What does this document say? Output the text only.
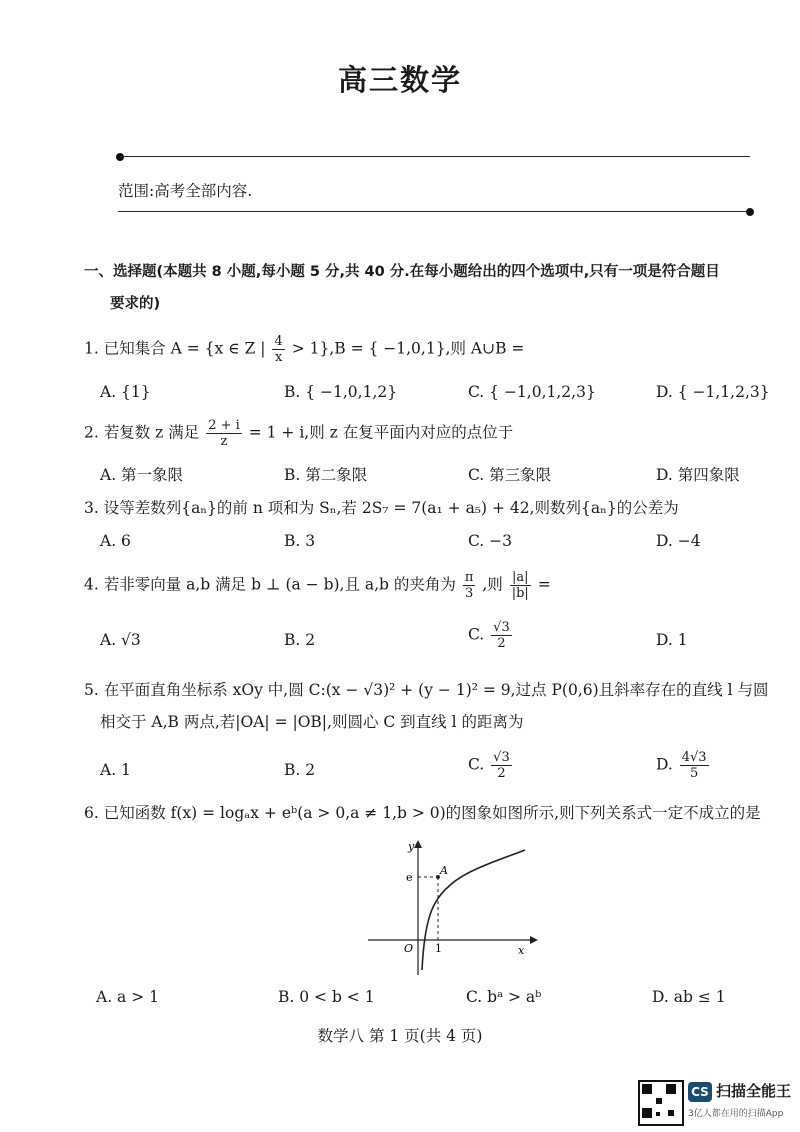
高三数学
范围:高考全部内容.
一、选择题(本题共 8 小题,每小题 5 分,共 40 分.在每小题给出的四个选项中,只有一项是符合题目
要求的)
1. 已知集合 A = {x ∈ Z | $\frac{4}{x} > 1\},B$ = { −1,0,1},则 A∪B =
A. {1}	B. { −1,0,1,2}	C. { −1,0,1,2,3}	D. { −1,1,2,3}
2. 若复数 z 满足 $\frac{2 + i}{z} = 1 + i$,则 z 在复平面内对应的点位于
A. 第一象限	B. 第二象限	C. 第三象限	D. 第四象限
3. 设等差数列{aₙ}的前 n 项和为 Sₙ,若 2S₇ = 7(a₁ + a₅) + 42,则数列{aₙ}的公差为
A. 6	B. 3	C. −3	D. −4
4. 若非零向量 a,b 满足 b ⊥ (a − b),且 a,b 的夹角为 $\frac{\pi}{3}$ ,则 $\frac{|a|}{|b|}$ =
A. √3	B. 2	C. $\frac{√3}{2}$	D. 1
5. 在平面直角坐标系 xOy 中,圆 C:(x − √3)² + (y − 1)² = 9,过点 P(0,6)且斜率存在的直线 l 与圆
相交于 A,B 两点,若|OA| = |OB|,则圆心 C 到直线 l 的距离为
A. 1	B. 2	C. $\frac{√3}{2}$	D. $\frac{4√3}{5}$
6. 已知函数 f(x) = logₐx + eᵇ(a > 0,a ≠ 1,b > 0)的图象如图所示,则下列关系式一定不成立的是
y
x
O
e
1
A
A. a > 1	B. 0 < b < 1	C. bᵃ > aᵇ	D. ab ≤ 1
数学八 第 1 页(共 4 页)
CS 扫描全能王
3亿人都在用的扫描App
